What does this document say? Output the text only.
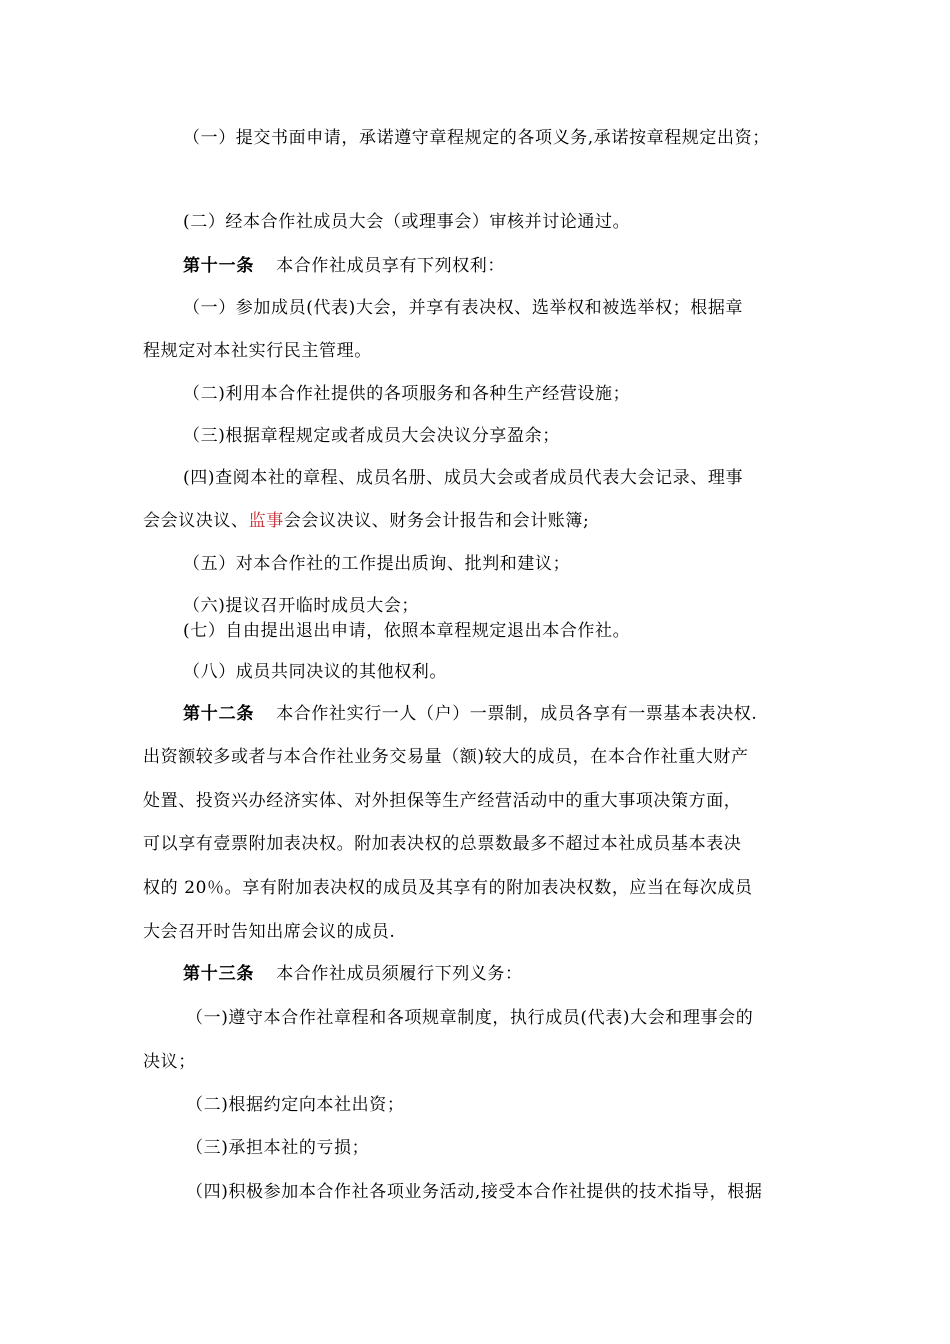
（一）提交书面申请，承诺遵守章程规定的各项义务,承诺按章程规定出资；
(二）经本合作社成员大会（或理事会）审核并讨论通过。
第十一条 本合作社成员享有下列权利：
（一）参加成员(代表)大会，并享有表决权、选举权和被选举权；根据章
程规定对本社实行民主管理。
（二)利用本合作社提供的各项服务和各种生产经营设施；
（三)根据章程规定或者成员大会决议分享盈余；
(四)查阅本社的章程、成员名册、成员大会或者成员代表大会记录、理事
会会议决议、监事会会议决议、财务会计报告和会计账簿;
（五）对本合作社的工作提出质询、批判和建议；
（六)提议召开临时成员大会；
(七）自由提出退出申请，依照本章程规定退出本合作社。
（八）成员共同决议的其他权利。
第十二条 本合作社实行一人（户）一票制，成员各享有一票基本表决权.
出资额较多或者与本合作社业务交易量（额)较大的成员，在本合作社重大财产
处置、投资兴办经济实体、对外担保等生产经营活动中的重大事项决策方面，
可以享有壹票附加表决权。附加表决权的总票数最多不超过本社成员基本表决
权的 20％。享有附加表决权的成员及其享有的附加表决权数，应当在每次成员
大会召开时告知出席会议的成员.
第十三条 本合作社成员须履行下列义务：
（一)遵守本合作社章程和各项规章制度，执行成员(代表)大会和理事会的
决议；
（二)根据约定向本社出资；
（三)承担本社的亏损；
（四)积极参加本合作社各项业务活动,接受本合作社提供的技术指导，根据
